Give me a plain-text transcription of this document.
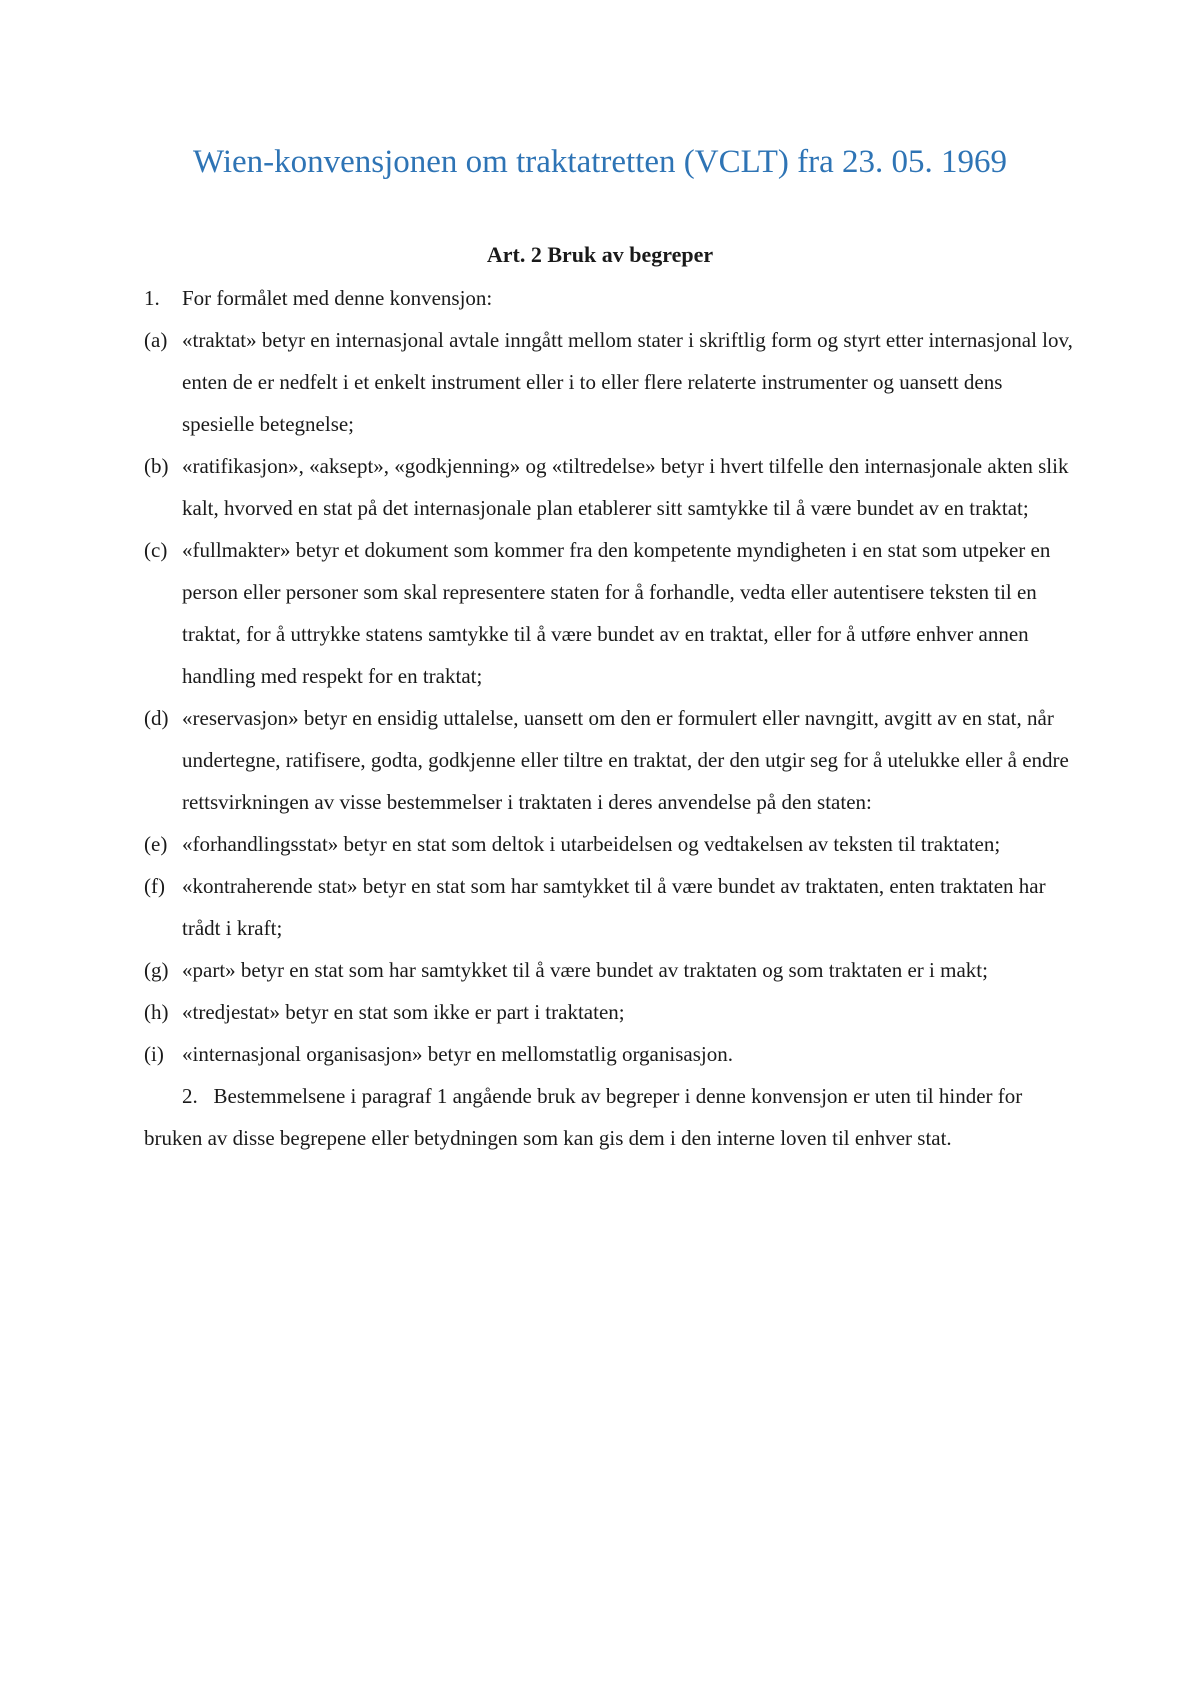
Wien-konvensjonen om traktatretten (VCLT) fra 23. 05. 1969
Art. 2 Bruk av begreper
1. For formålet med denne konvensjon:
(a) «traktat» betyr en internasjonal avtale inngått mellom stater i skriftlig form og styrt etter internasjonal lov, enten de er nedfelt i et enkelt instrument eller i to eller flere relaterte instrumenter og uansett dens spesielle betegnelse;
(b) «ratifikasjon», «aksept», «godkjenning» og «tiltredelse» betyr i hvert tilfelle den internasjonale akten slik kalt, hvorved en stat på det internasjonale plan etablerer sitt samtykke til å være bundet av en traktat;
(c) «fullmakter» betyr et dokument som kommer fra den kompetente myndigheten i en stat som utpeker en person eller personer som skal representere staten for å forhandle, vedta eller autentisere teksten til en traktat, for å uttrykke statens samtykke til å være bundet av en traktat, eller for å utføre enhver annen handling med respekt for en traktat;
(d) «reservasjon» betyr en ensidig uttalelse, uansett om den er formulert eller navngitt, avgitt av en stat, når undertegne, ratifisere, godta, godkjenne eller tiltre en traktat, der den utgir seg for å utelukke eller å endre rettsvirkningen av visse bestemmelser i traktaten i deres anvendelse på den staten:
(e) «forhandlingsstat» betyr en stat som deltok i utarbeidelsen og vedtakelsen av teksten til traktaten;
(f) «kontraherende stat» betyr en stat som har samtykket til å være bundet av traktaten, enten traktaten har trådt i kraft;
(g) «part» betyr en stat som har samtykket til å være bundet av traktaten og som traktaten er i makt;
(h) «tredjestat» betyr en stat som ikke er part i traktaten;
(i) «internasjonal organisasjon» betyr en mellomstatlig organisasjon.
2. Bestemmelsene i paragraf 1 angående bruk av begreper i denne konvensjon er uten til hinder for bruken av disse begrepene eller betydningen som kan gis dem i den interne loven til enhver stat.
